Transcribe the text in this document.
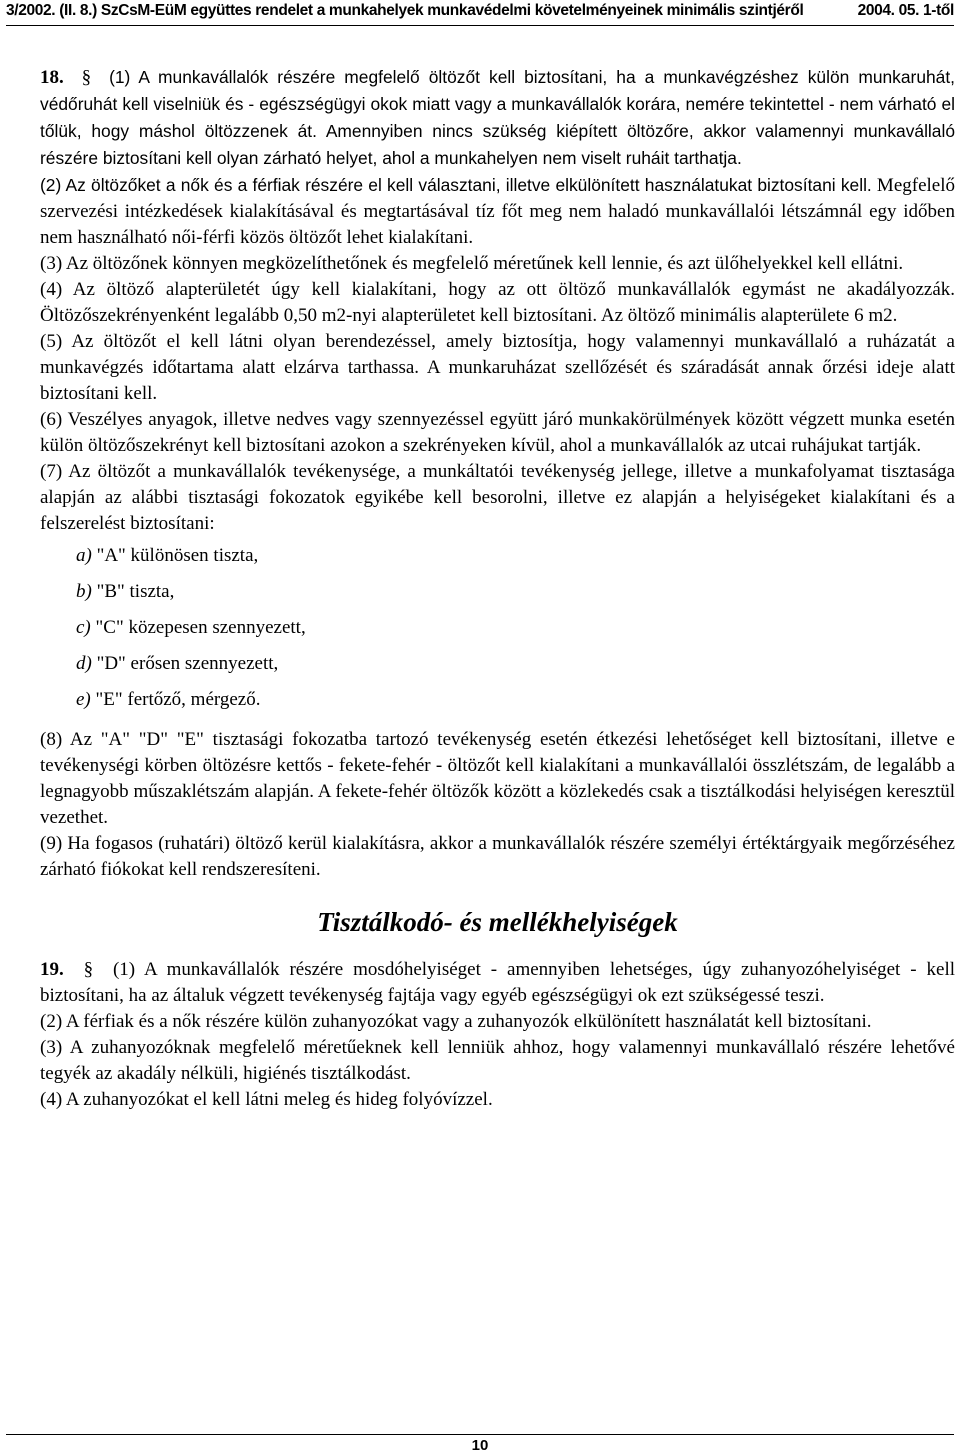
3/2002. (II. 8.) SzCsM-EüM együttes rendelet a munkahelyek munkavédelmi követelményeinek minimális szintjéről	2004. 05. 1-től

18. § (1) A munkavállalók részére megfelelő öltözőt kell biztosítani, ha a munkavégzéshez külön munkaruhát, védőruhát kell viselniük és - egészségügyi okok miatt vagy a munkavállalók korára, nemére tekintettel - nem várható el tőlük, hogy máshol öltözzenek át. Amennyiben nincs szükség kiépített öltözőre, akkor valamennyi munkavállaló részére biztosítani kell olyan zárható helyet, ahol a munkahelyen nem viselt ruháit tarthatja.

(2) Az öltözőket a nők és a férfiak részére el kell választani, illetve elkülönített használatukat biztosítani kell. Megfelelő szervezési intézkedések kialakításával és megtartásával tíz főt meg nem haladó munkavállalói létszámnál egy időben nem használható női-férfi közös öltözőt lehet kialakítani.

(3) Az öltözőnek könnyen megközelíthetőnek és megfelelő méretűnek kell lennie, és azt ülőhelyekkel kell ellátni.

(4) Az öltöző alapterületét úgy kell kialakítani, hogy az ott öltöző munkavállalók egymást ne akadályozzák. Öltözőszekrényenként legalább 0,50 m2-nyi alapterületet kell biztosítani. Az öltöző minimális alapterülete 6 m2.

(5) Az öltözőt el kell látni olyan berendezéssel, amely biztosítja, hogy valamennyi munkavállaló a ruházatát a munkavégzés időtartama alatt elzárva tarthassa. A munkaruházat szellőzését és száradását annak őrzési ideje alatt biztosítani kell.

(6) Veszélyes anyagok, illetve nedves vagy szennyezéssel együtt járó munkakörülmények között végzett munka esetén külön öltözőszekrényt kell biztosítani azokon a szekrényeken kívül, ahol a munkavállalók az utcai ruhájukat tartják.

(7) Az öltözőt a munkavállalók tevékenysége, a munkáltatói tevékenység jellege, illetve a munkafolyamat tisztasága alapján az alábbi tisztasági fokozatok egyikébe kell besorolni, illetve ez alapján a helyiségeket kialakítani és a felszerelést biztosítani:

a) "A" különösen tiszta,
b) "B" tiszta,
c) "C" közepesen szennyezett,
d) "D" erősen szennyezett,
e) "E" fertőző, mérgező.

(8) Az "A" "D" "E" tisztasági fokozatba tartozó tevékenység esetén étkezési lehetőséget kell biztosítani, illetve e tevékenységi körben öltözésre kettős - fekete-fehér - öltözőt kell kialakítani a munkavállalói összlétszám, de legalább a legnagyobb műszaklétszám alapján. A fekete-fehér öltözők között a közlekedés csak a tisztálkodási helyiségen keresztül vezethet.

(9) Ha fogasos (ruhatári) öltöző kerül kialakításra, akkor a munkavállalók részére személyi értéktárgyaik megőrzéséhez zárható fiókokat kell rendszeresíteni.

Tisztálkodó- és mellékhelyiségek

19. § (1) A munkavállalók részére mosdóhelyiséget - amennyiben lehetséges, úgy zuhanyozóhelyiséget - kell biztosítani, ha az általuk végzett tevékenység fajtája vagy egyéb egészségügyi ok ezt szükségessé teszi.

(2) A férfiak és a nők részére külön zuhanyozókat vagy a zuhanyozók elkülönített használatát kell biztosítani.

(3) A zuhanyozóknak megfelelő méretűeknek kell lenniük ahhoz, hogy valamennyi munkavállaló részére lehetővé tegyék az akadály nélküli, higiénés tisztálkodást.

(4) A zuhanyozókat el kell látni meleg és hideg folyóvízzel.

10
